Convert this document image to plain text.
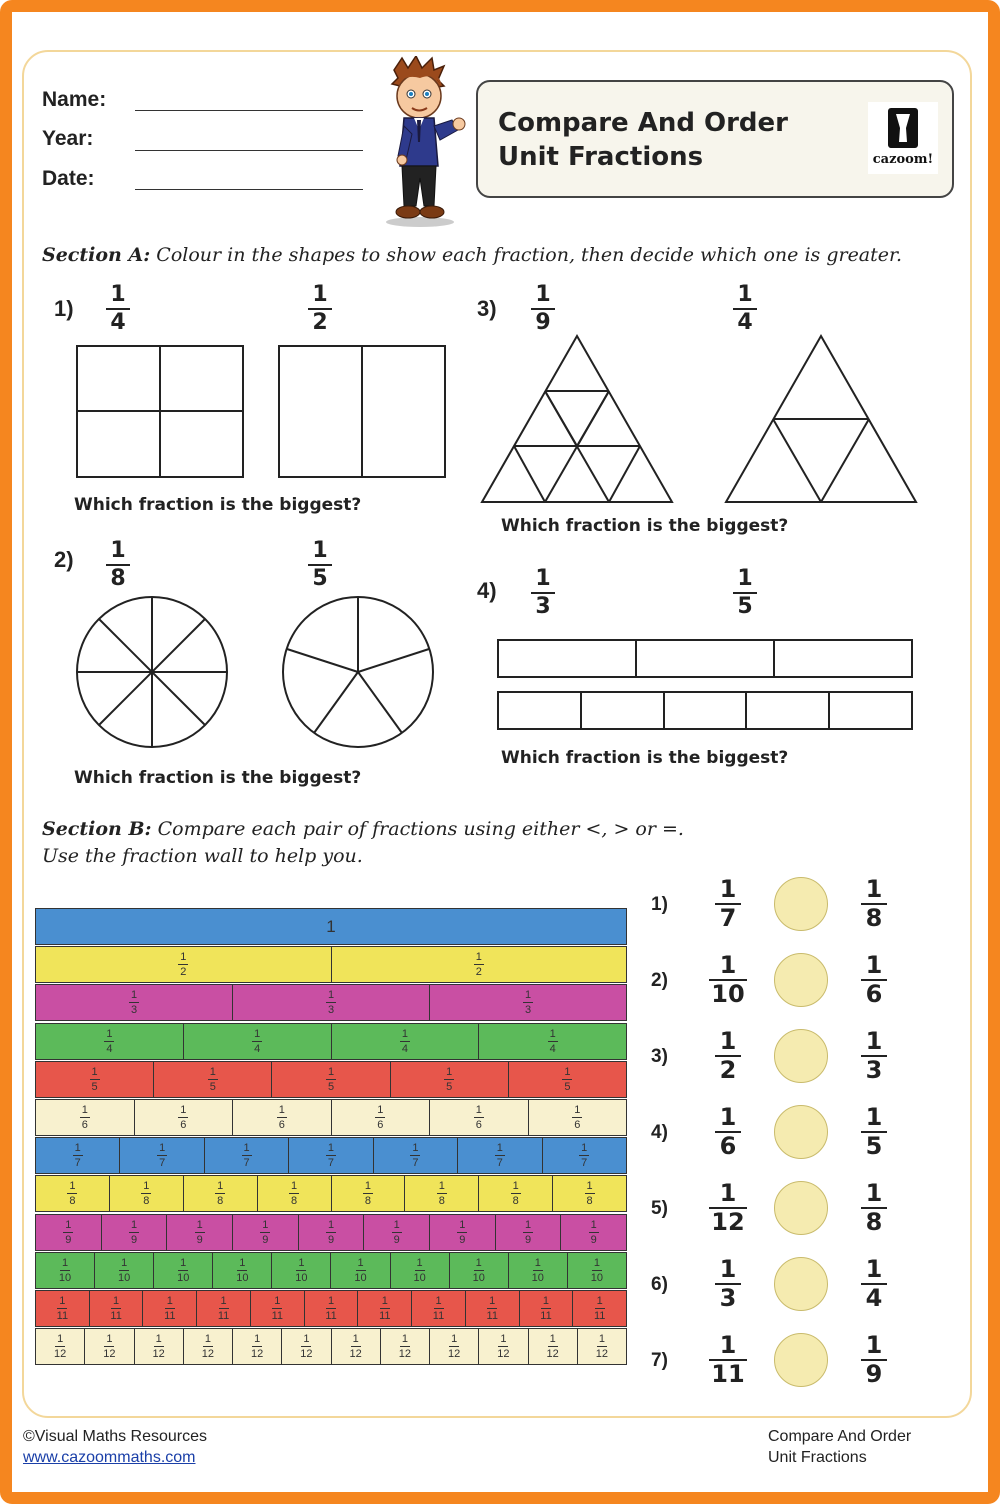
Name:
Year:
Date:
Compare And Order
Unit Fractions	cazoom!
Section A: Colour in the shapes to show each fraction, then decide which one is greater.
1)
1
4
1
2
Which fraction is the biggest?
2) 1
8
1
5
Which fraction is the biggest?
3)
1
9
1
4
Which fraction is the biggest?
4) 1
3
1
5
Which fraction is the biggest?
Section B: Compare each pair of fractions using either <, > or =.
Use the fraction wall to help you.
1
1
2
1
2
1
3
1
3
1
3
1
4
1
4
1
4
1
4
1
5
1
5
1
5
1
5
1
5
1
6
1
6
1
6
1
6
1
6
1
6
1
7
1
7
1
7
1
7
1
7
1
7
1
7
1
8
1
8
1
8
1
8
1
8
1
8
1
8
1
8
1
9
1
9
1
9
1
9
1
9
1
9
1
9
1
9
1
9
1
10
1
10
1
10
1
10
1
10
1
10
1
10
1
10
1
10
1
10
1
11
1
11
1
11
1
11
1
11
1
11
1
11
1
11
1
11
1
11
1
11
1
12
1
12
1
12
1
12
1
12
1
12
1
12
1
12
1
12
1
12
1
12
1
12
1)
1
7
1
8
2)
1
10
1
6
3)
1
2
1
3
4)
1
6
1
5
5)
1
12
1
8
6)
1
3
1
4
7)
1
11
1
9
©Visual Maths Resources
www.cazoommaths.com
Compare And Order
Unit Fractions
